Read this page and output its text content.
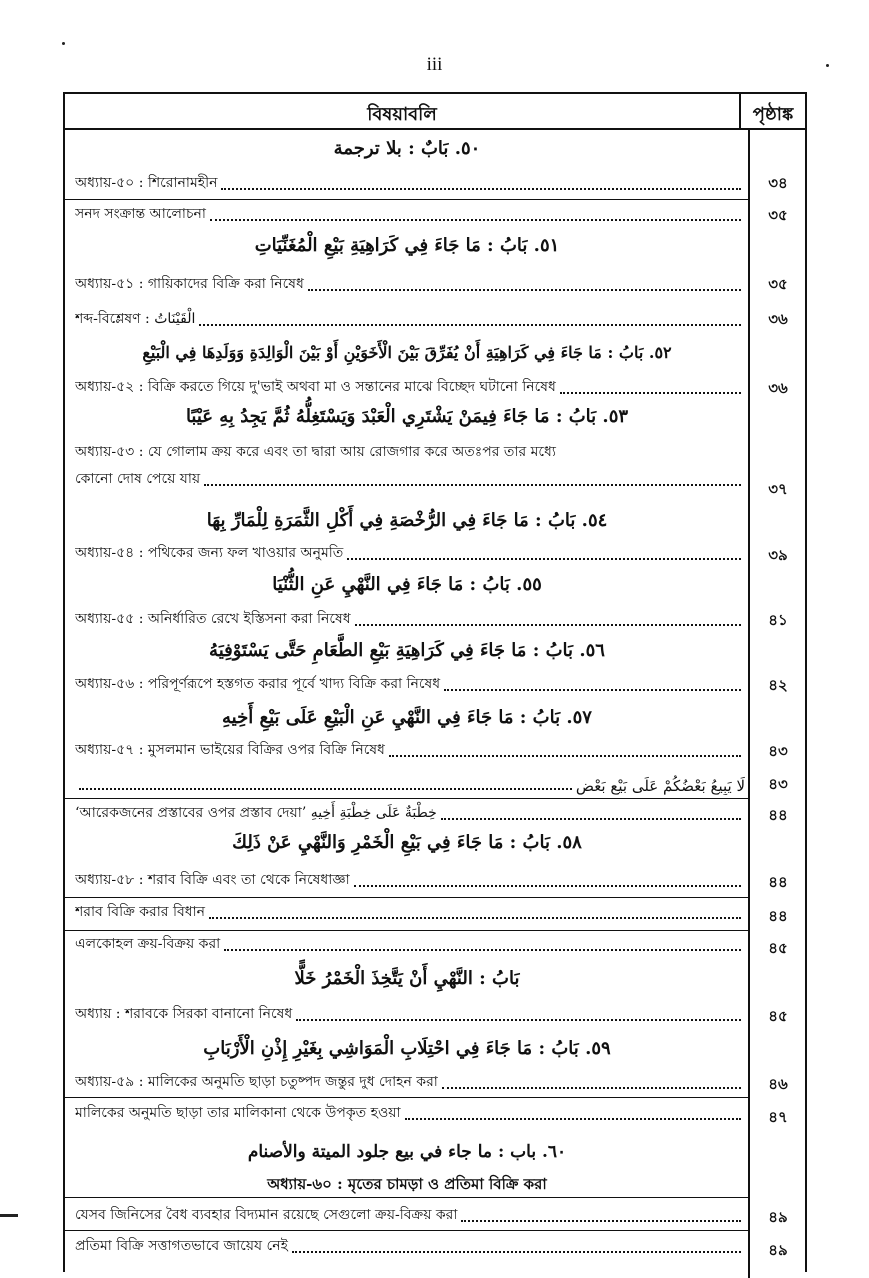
iii
বিষয়াবলি	পৃষ্ঠাঙ্ক
٥٠. بَابٌ : بلا ترجمة
অধ্যায়-৫০ : শিরোনামহীন	৩৪
সনদ সংক্রান্ত আলোচনা	৩৫
٥١. بَابُ : مَا جَاءَ فِي كَرَاهِيَةِ بَيْعِ الْمُغَنِّيَاتِ
অধ্যায়-৫১ : গায়িকাদের বিক্রি করা নিষেধ	৩৫
শব্দ-বিশ্লেষণ : الْقَيْنَاتُ	৩৬
٥٢. بَابُ : مَا جَاءَ فِي كَرَاهِيَةِ أَنْ يُفَرِّقَ بَيْنَ الْأَخَوَيْنِ أَوْ بَيْنَ الْوَالِدَةِ وَوَلَدِهَا فِي الْبَيْعِ
অধ্যায়-৫২ : বিক্রি করতে গিয়ে দু'ভাই অথবা মা ও সন্তানের মাঝে বিচ্ছেদ ঘটানো নিষেধ	৩৬
٥٣. بَابُ : مَا جَاءَ فِيمَنْ يَشْتَرِي الْعَبْدَ وَيَسْتَغِلُّهُ ثُمَّ يَجِدُ بِهِ عَيْبًا
অধ্যায়-৫৩ : যে গোলাম ক্রয় করে এবং তা দ্বারা আয় রোজগার করে অতঃপর তার মধ্যে
কোনো দোষ পেয়ে যায়
৩৭
٥٤. بَابُ : مَا جَاءَ فِي الرُّخْصَةِ فِي أَكْلِ الثَّمَرَةِ لِلْمَارِّ بِهَا
অধ্যায়-৫৪ : পথিকের জন্য ফল খাওয়ার অনুমতি	৩৯
٥٥. بَابُ : مَا جَاءَ فِي النَّهْيِ عَنِ الثُّنْيَا
অধ্যায়-৫৫ : অনির্ধারিত রেখে ইস্তিসনা করা নিষেধ	৪১
٥٦. بَابُ : مَا جَاءَ فِي كَرَاهِيَةِ بَيْعِ الطَّعَامِ حَتَّى يَسْتَوْفِيَهُ
অধ্যায়-৫৬ : পরিপূর্ণরূপে হস্তগত করার পূর্বে খাদ্য বিক্রি করা নিষেধ	৪২
٥٧. بَابُ : مَا جَاءَ فِي النَّهْيِ عَنِ الْبَيْعِ عَلَى بَيْعِ أَخِيهِ
অধ্যায়-৫৭ : মুসলমান ভাইয়ের বিক্রির ওপর বিক্রি নিষেধ	৪৩
لَا يَبِيعُ بَعْضُكُمْ عَلَى بَيْعِ بَعْضٍ	৪৩
‘আরেকজনের প্রস্তাবের ওপর প্রস্তাব দেয়া’ خِطْبَةٌ عَلَى خِطْبَةِ أَخِيهِ	৪৪
٥٨. بَابُ : مَا جَاءَ فِي بَيْعِ الْخَمْرِ وَالنَّهْيِ عَنْ ذَلِكَ
অধ্যায়-৫৮ : শরাব বিক্রি এবং তা থেকে নিষেধাজ্ঞা	৪৪
শরাব বিক্রি করার বিধান	৪৪
এলকোহল ক্রয়-বিক্রয় করা	৪৫
بَابُ : النَّهْيِ أَنْ يَتَّخِذَ الْخَمْرُ خَلًّا
অধ্যায় : শরাবকে সিরকা বানানো নিষেধ	৪৫
٥٩. بَابُ : مَا جَاءَ فِي احْتِلَابِ الْمَوَاشِي بِغَيْرِ إِذْنِ الْأَرْبَابِ
অধ্যায়-৫৯ : মালিকের অনুমতি ছাড়া চতুষ্পদ জন্তুর দুধ দোহন করা	৪৬
মালিকের অনুমতি ছাড়া তার মালিকানা থেকে উপকৃত হওয়া	৪৭
٦٠. باب : ما جاء في بيع جلود الميتة والأصنام
অধ্যায়-৬০ : মৃতের চামড়া ও প্রতিমা বিক্রি করা
যেসব জিনিসের বৈধ ব্যবহার বিদ্যমান রয়েছে সেগুলো ক্রয়-বিক্রয় করা	৪৯
প্রতিমা বিক্রি সত্তাগতভাবে জায়েয নেই	৪৯
